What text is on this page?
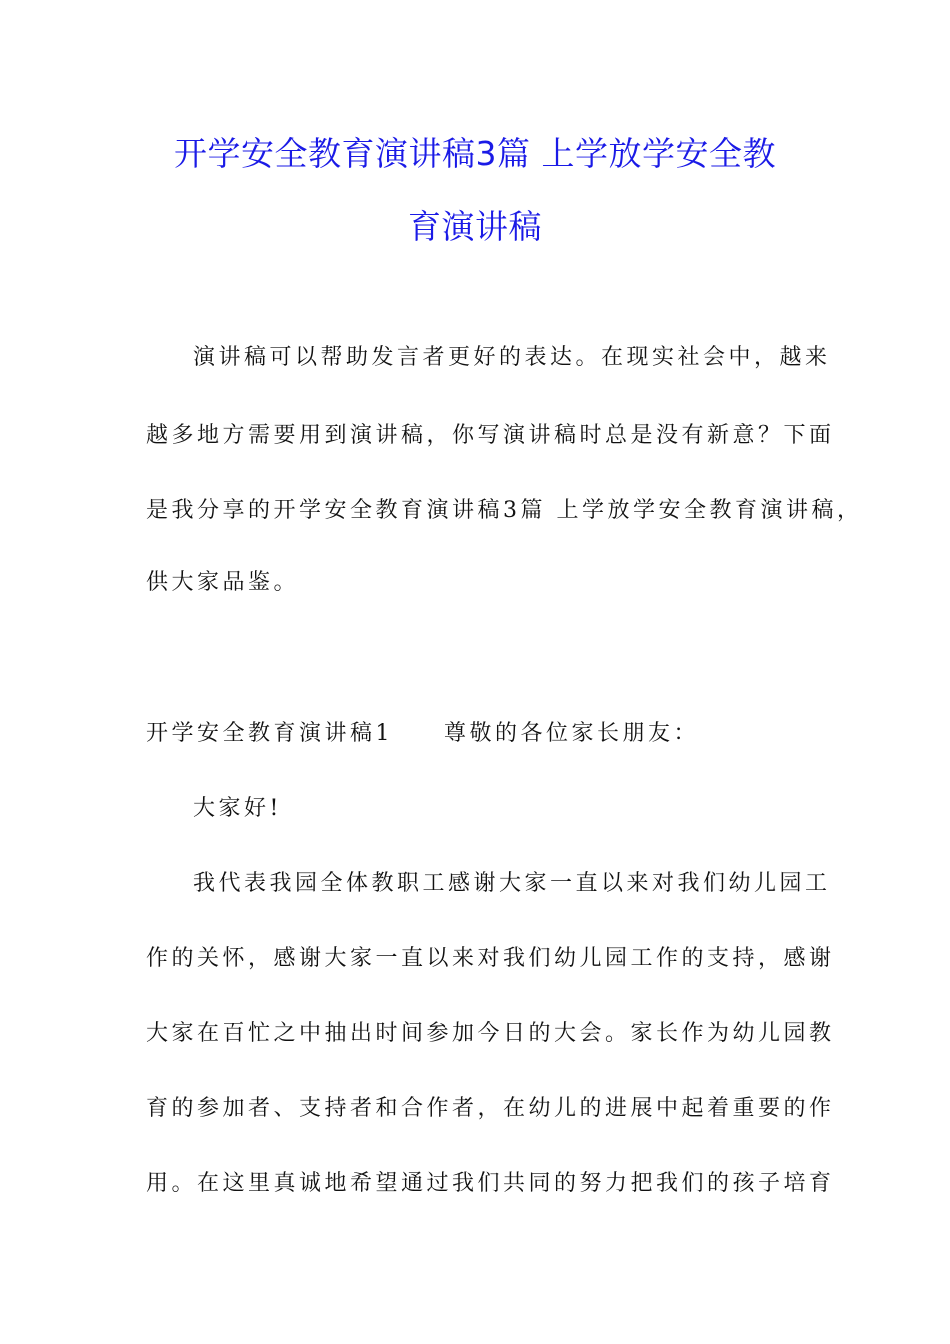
开学安全教育演讲稿3篇 上学放学安全教
育演讲稿
演讲稿可以帮助发言者更好的表达。在现实社会中，越来
越多地方需要用到演讲稿，你写演讲稿时总是没有新意？下面
是我分享的开学安全教育演讲稿3篇 上学放学安全教育演讲稿，
供大家品鉴。
开学安全教育演讲稿1　　尊敬的各位家长朋友：
大家好!
我代表我园全体教职工感谢大家一直以来对我们幼儿园工
作的关怀，感谢大家一直以来对我们幼儿园工作的支持，感谢
大家在百忙之中抽出时间参加今日的大会。家长作为幼儿园教
育的参加者、支持者和合作者，在幼儿的进展中起着重要的作
用。在这里真诚地希望通过我们共同的努力把我们的孩子培育
